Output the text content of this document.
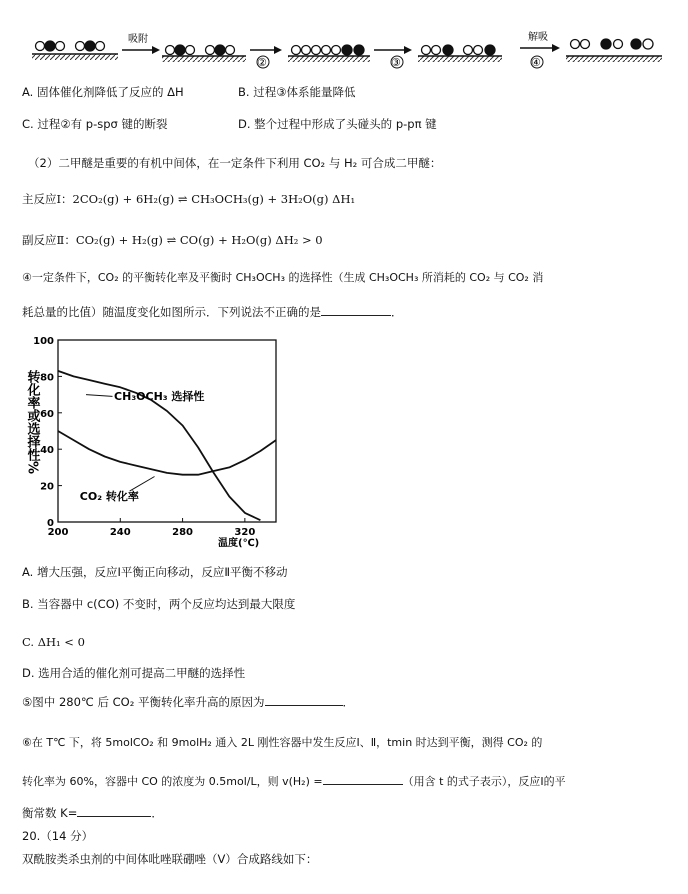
吸附
②	③
解吸
④
A. 固体催化剂降低了反应的 ΔH	B. 过程③体系能量降低
C. 过程②有 p-spσ 键的断裂	D. 整个过程中形成了头碰头的 p-pπ 键
（2）二甲醚是重要的有机中间体，在一定条件下利用 CO₂ 与 H₂ 可合成二甲醚：
主反应Ⅰ：2CO₂(g) + 6H₂(g) ⇌ CH₃OCH₃(g) + 3H₂O(g) ΔH₁
副反应Ⅱ：CO₂(g) + H₂(g) ⇌ CO(g) + H₂O(g) ΔH₂ > 0
④一定条件下，CO₂ 的平衡转化率及平衡时 CH₃OCH₃ 的选择性（生成 CH₃OCH₃ 所消耗的 CO₂ 与 CO₂ 消
耗总量的比值）随温度变化如图所示．下列说法不正确的是	．
0
20
40
60
80
100
200	240	280	320
CH₃OCH₃ 选择性
CO₂ 转化率
转化率或选择性%
温度(℃)
A. 增大压强，反应Ⅰ平衡正向移动，反应Ⅱ平衡不移动
B. 当容器中 c(CO) 不变时，两个反应均达到最大限度
C. ΔH₁ < 0
D. 选用合适的催化剂可提高二甲醚的选择性
⑤图中 280℃ 后 CO₂ 平衡转化率升高的原因为	．
⑥在 T℃ 下，将 5molCO₂ 和 9molH₂ 通入 2L 刚性容器中发生反应Ⅰ、Ⅱ，tmin 时达到平衡，测得 CO₂ 的
转化率为 60%，容器中 CO 的浓度为 0.5mol/L，则 v(H₂) =	（用含 t 的式子表示），反应Ⅰ的平
衡常数 K=	．
20.（14 分）
双酰胺类杀虫剂的中间体吡唑联硼唑（V）合成路线如下：
